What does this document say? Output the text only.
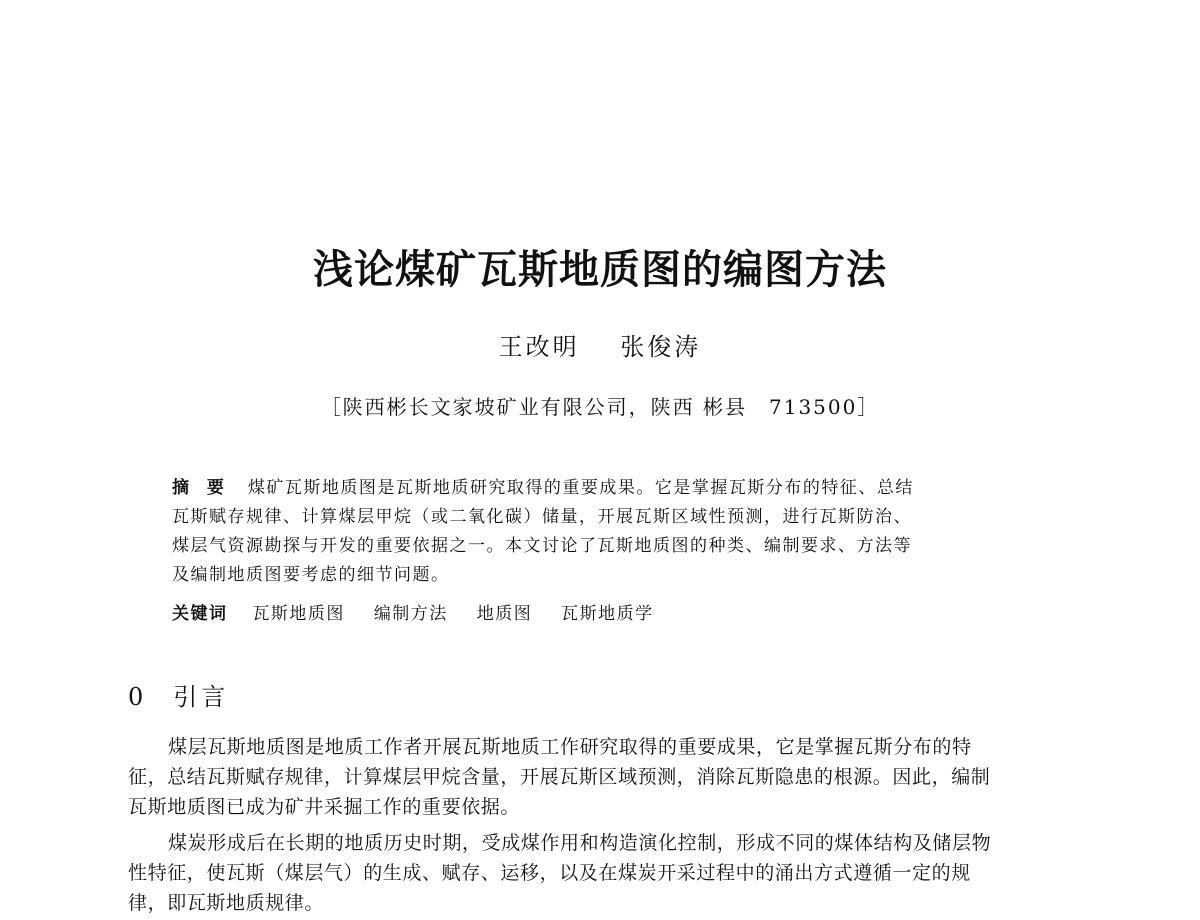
浅论煤矿瓦斯地质图的编图方法
王改明 张俊涛
［陕西彬长文家坡矿业有限公司，陕西 彬县　713500］
摘 要 煤矿瓦斯地质图是瓦斯地质研究取得的重要成果。它是掌握瓦斯分布的特征、总结
瓦斯赋存规律、计算煤层甲烷（或二氧化碳）储量，开展瓦斯区域性预测，进行瓦斯防治、
煤层气资源勘探与开发的重要依据之一。本文讨论了瓦斯地质图的种类、编制要求、方法等
及编制地质图要考虑的细节问题。
关键词 瓦斯地质图 编制方法 地质图 瓦斯地质学
0 引言
煤层瓦斯地质图是地质工作者开展瓦斯地质工作研究取得的重要成果，它是掌握瓦斯分布的特
征，总结瓦斯赋存规律，计算煤层甲烷含量，开展瓦斯区域预测，消除瓦斯隐患的根源。因此，编制
瓦斯地质图已成为矿井采掘工作的重要依据。
煤炭形成后在长期的地质历史时期，受成煤作用和构造演化控制，形成不同的煤体结构及储层物
性特征，使瓦斯（煤层气）的生成、赋存、运移，以及在煤炭开采过程中的涌出方式遵循一定的规
律，即瓦斯地质规律。
